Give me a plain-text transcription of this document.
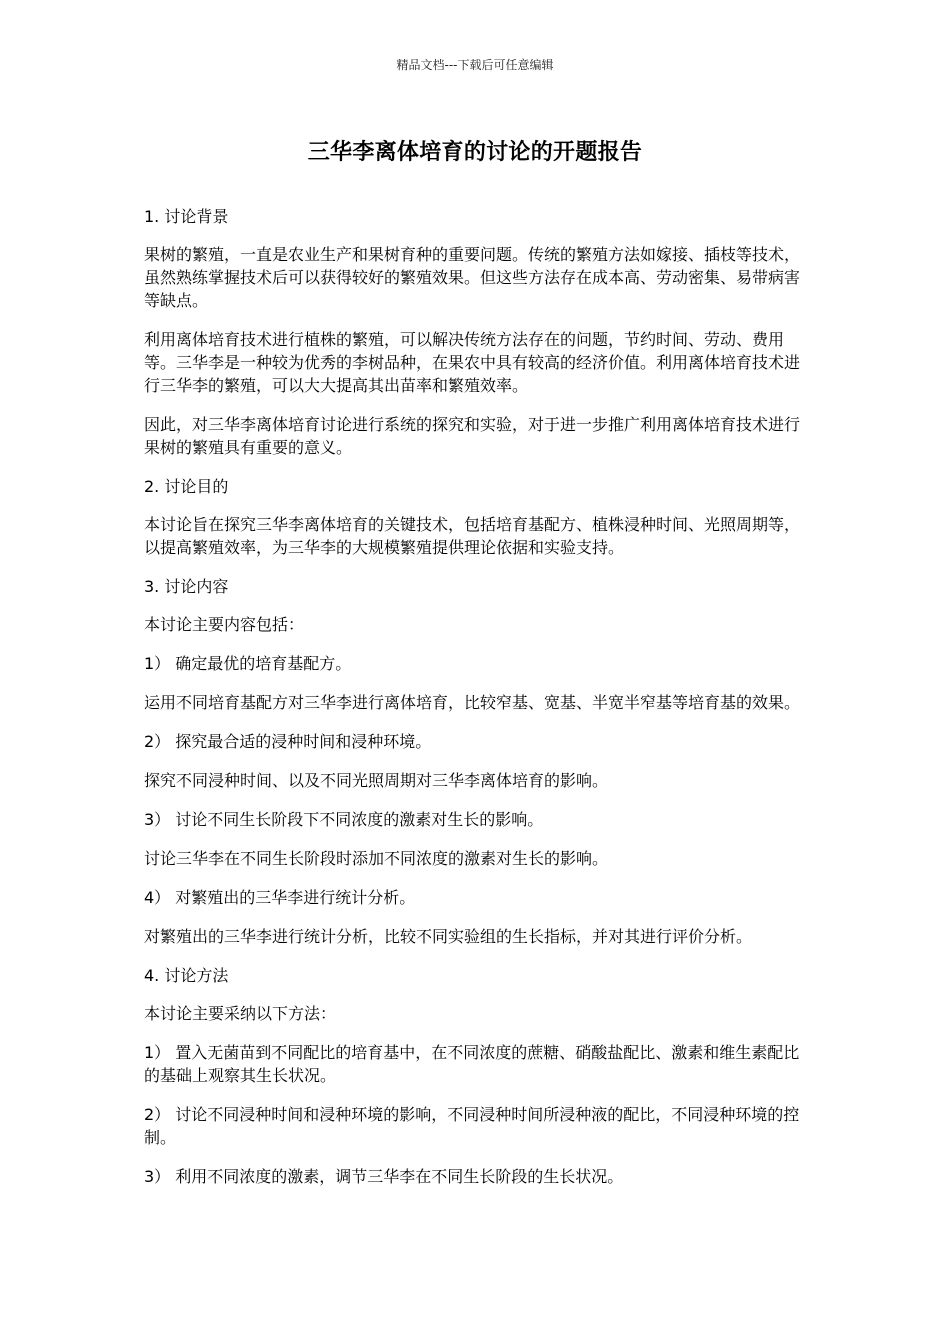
精品文档---下载后可任意编辑
三华李离体培育的讨论的开题报告

1. 讨论背景

果树的繁殖，一直是农业生产和果树育种的重要问题。传统的繁殖方法如嫁接、插枝等技术，虽然熟练掌握技术后可以获得较好的繁殖效果。但这些方法存在成本高、劳动密集、易带病害等缺点。

利用离体培育技术进行植株的繁殖，可以解决传统方法存在的问题，节约时间、劳动、费用等。三华李是一种较为优秀的李树品种，在果农中具有较高的经济价值。利用离体培育技术进行三华李的繁殖，可以大大提高其出苗率和繁殖效率。

因此，对三华李离体培育讨论进行系统的探究和实验，对于进一步推广利用离体培育技术进行果树的繁殖具有重要的意义。

2. 讨论目的

本讨论旨在探究三华李离体培育的关键技术，包括培育基配方、植株浸种时间、光照周期等，以提高繁殖效率，为三华李的大规模繁殖提供理论依据和实验支持。

3. 讨论内容

本讨论主要内容包括：

1） 确定最优的培育基配方。

运用不同培育基配方对三华李进行离体培育，比较窄基、宽基、半宽半窄基等培育基的效果。

2） 探究最合适的浸种时间和浸种环境。

探究不同浸种时间、以及不同光照周期对三华李离体培育的影响。

3） 讨论不同生长阶段下不同浓度的激素对生长的影响。

讨论三华李在不同生长阶段时添加不同浓度的激素对生长的影响。

4） 对繁殖出的三华李进行统计分析。

对繁殖出的三华李进行统计分析，比较不同实验组的生长指标，并对其进行评价分析。

4. 讨论方法

本讨论主要采纳以下方法：

1） 置入无菌苗到不同配比的培育基中，在不同浓度的蔗糖、硝酸盐配比、激素和维生素配比的基础上观察其生长状况。

2） 讨论不同浸种时间和浸种环境的影响，不同浸种时间所浸种液的配比，不同浸种环境的控制。

3） 利用不同浓度的激素，调节三华李在不同生长阶段的生长状况。
